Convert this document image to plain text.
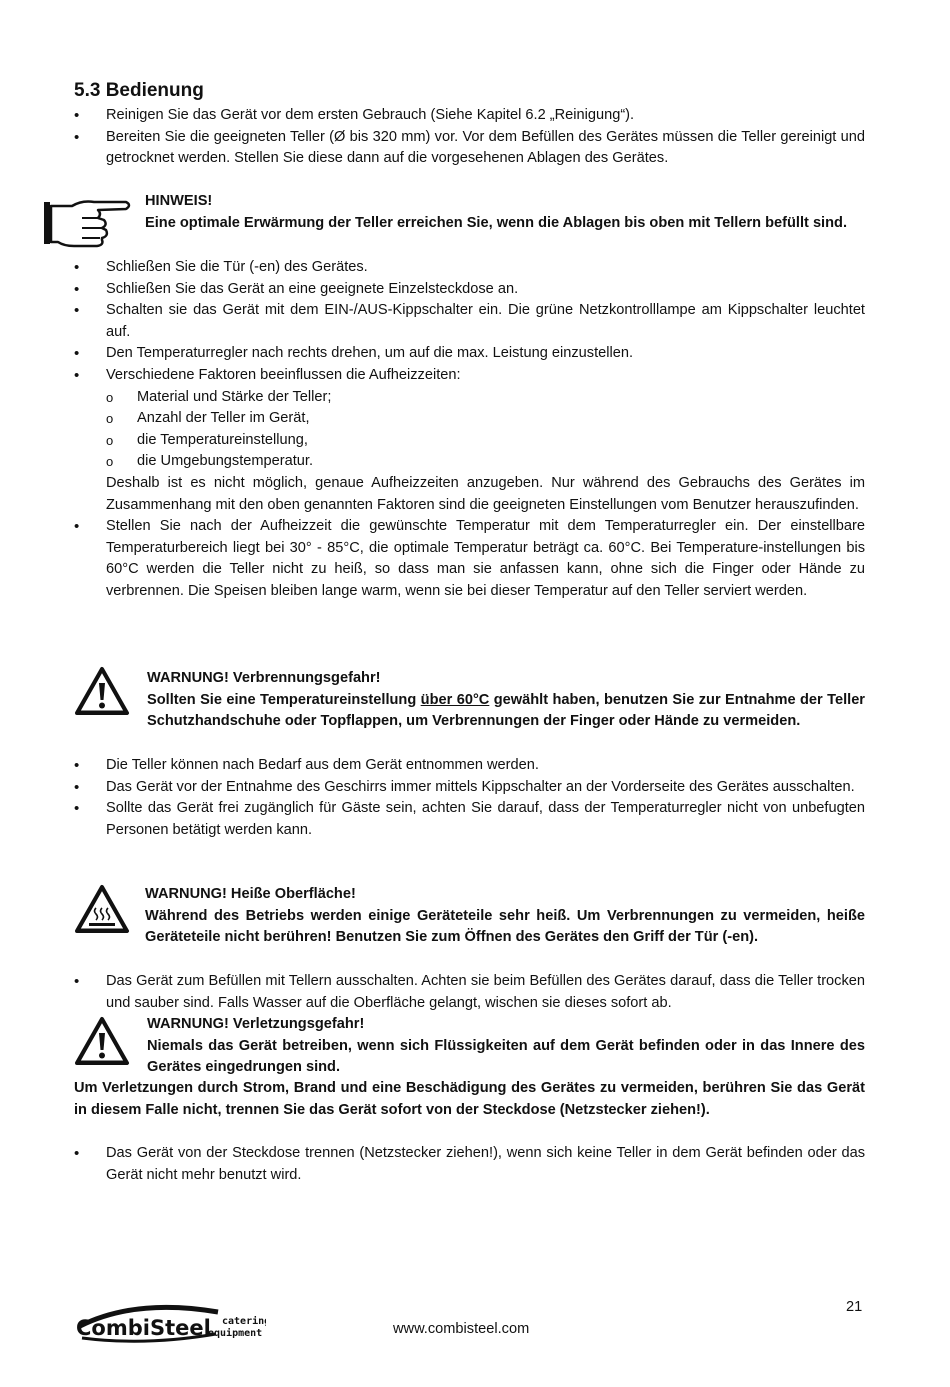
5.3 Bedienung
• Reinigen Sie das Gerät vor dem ersten Gebrauch (Siehe Kapitel 6.2 „Reinigung“).
• Bereiten Sie die geeigneten Teller (Ø bis 320 mm) vor. Vor dem Befüllen des Gerätes müssen die Teller gereinigt und getrocknet werden. Stellen Sie diese dann auf die vorgesehenen Ablagen des Gerätes.
HINWEIS!
Eine optimale Erwärmung der Teller erreichen Sie, wenn die Ablagen bis oben mit Tellern befüllt sind.
• Schließen Sie die Tür (-en) des Gerätes.
• Schließen Sie das Gerät an eine geeignete Einzelsteckdose an.
• Schalten sie das Gerät mit dem EIN-/AUS-Kippschalter ein. Die grüne Netzkontrolllampe am Kippschalter leuchtet auf.
• Den Temperaturregler nach rechts drehen, um auf die max. Leistung einzustellen.
• Verschiedene Faktoren beeinflussen die Aufheizzeiten:
o Material und Stärke der Teller;
o Anzahl der Teller im Gerät,
o die Temperatureinstellung,
o die Umgebungstemperatur.
Deshalb ist es nicht möglich, genaue Aufheizzeiten anzugeben. Nur während des Gebrauchs des Gerätes im Zusammenhang mit den oben genannten Faktoren sind die geeigneten Einstellungen vom Benutzer herauszufinden.
• Stellen Sie nach der Aufheizzeit die gewünschte Temperatur mit dem Temperaturregler ein. Der einstellbare Temperaturbereich liegt bei 30° - 85°C, die optimale Temperatur beträgt ca. 60°C. Bei Temperature-instellungen bis 60°C werden die Teller nicht zu heiß, so dass man sie anfassen kann, ohne sich die Finger oder Hände zu verbrennen. Die Speisen bleiben lange warm, wenn sie bei dieser Temperatur auf den Teller serviert werden.
WARNUNG! Verbrennungsgefahr!
Sollten Sie eine Temperatureinstellung über 60°C gewählt haben, benutzen Sie zur Entnahme der Teller Schutzhandschuhe oder Topflappen, um Verbrennungen der Finger oder Hände zu vermeiden.
• Die Teller können nach Bedarf aus dem Gerät entnommen werden.
• Das Gerät vor der Entnahme des Geschirrs immer mittels Kippschalter an der Vorderseite des Gerätes ausschalten.
• Sollte das Gerät frei zugänglich für Gäste sein, achten Sie darauf, dass der Temperaturregler nicht von unbefugten Personen betätigt werden kann.
WARNUNG! Heiße Oberfläche!
Während des Betriebs werden einige Geräteteile sehr heiß. Um Verbrennungen zu vermeiden, heiße Geräteteile nicht berühren! Benutzen Sie zum Öffnen des Gerätes den Griff der Tür (-en).
• Das Gerät zum Befüllen mit Tellern ausschalten. Achten sie beim Befüllen des Gerätes darauf, dass die Teller trocken und sauber sind. Falls Wasser auf die Oberfläche gelangt, wischen sie dieses sofort ab.
WARNUNG! Verletzungsgefahr!
Niemals das Gerät betreiben, wenn sich Flüssigkeiten auf dem Gerät befinden oder in das Innere des Gerätes eingedrungen sind.
Um Verletzungen durch Strom, Brand und eine Beschädigung des Gerätes zu vermeiden, berühren Sie das Gerät in diesem Falle nicht, trennen Sie das Gerät sofort von der Steckdose (Netzstecker ziehen!).
• Das Gerät von der Steckdose trennen (Netzstecker ziehen!), wenn sich keine Teller in dem Gerät befinden oder das Gerät nicht mehr benutzt wird.
CombiSteel catering
equipment
21
www.combisteel.com
